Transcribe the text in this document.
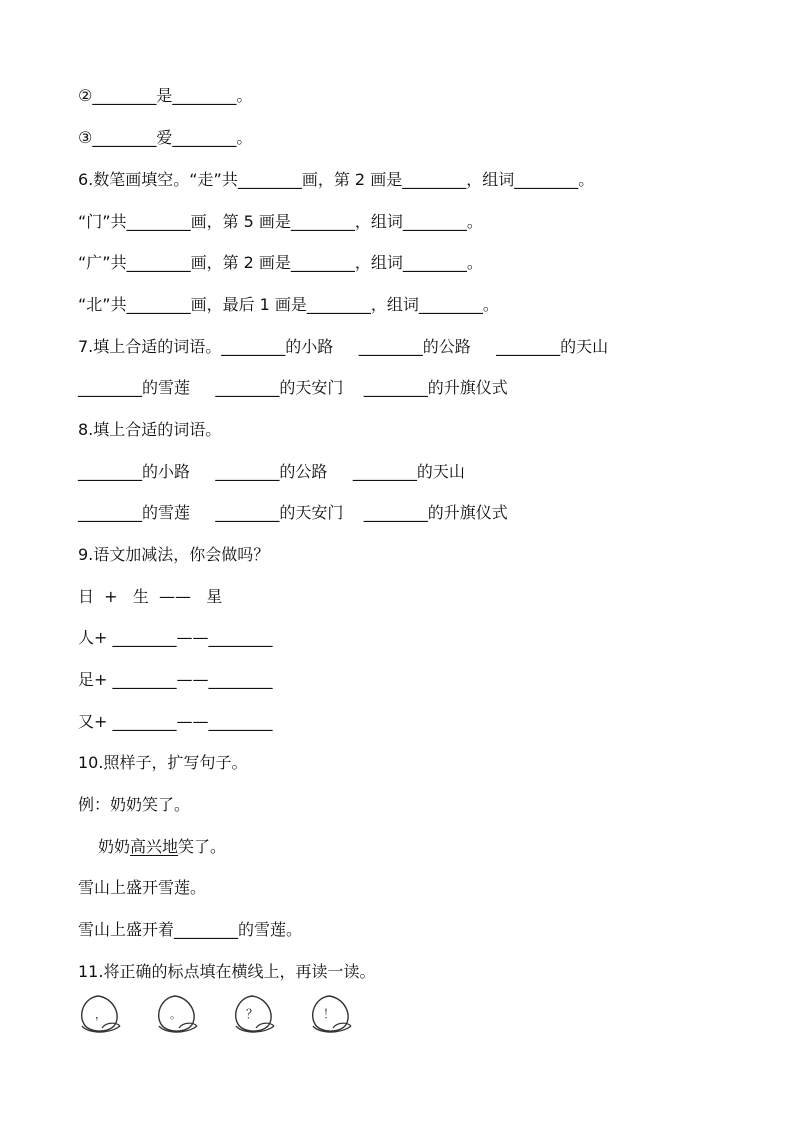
②________是________。
③________爱________。
6.数笔画填空。“走”共________画，第 2 画是________，组词________。
“门”共________画，第 5 画是________，组词________。
“广”共________画，第 2 画是________，组词________。
“北”共________画，最后 1 画是________，组词________。
7.填上合适的词语。________的小路     ________的公路     ________的天山
________的雪莲     ________的天安门    ________的升旗仪式
8.填上合适的词语。
________的小路     ________的公路     ________的天山
________的雪莲     ________的天安门    ________的升旗仪式
9.语文加减法，你会做吗？
日  +   生  ——   星
人+ ________——________
足+ ________——________
又+ ________——________
10.照样子，扩写句子。
例：奶奶笑了。
奶奶高兴地笑了。
雪山上盛开雪莲。
雪山上盛开着________的雪莲。
11.将正确的标点填在横线上，再读一读。
，	。	？	！
